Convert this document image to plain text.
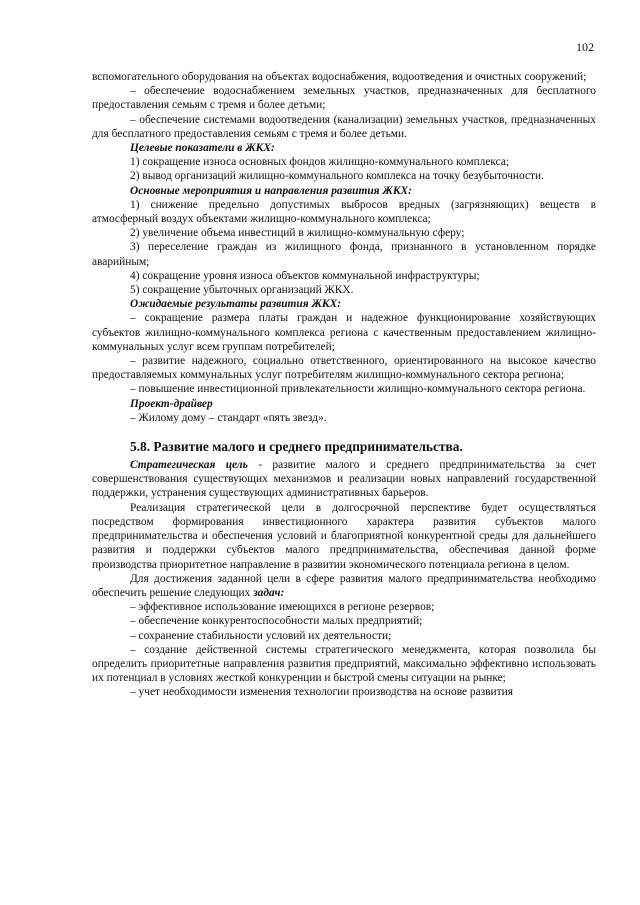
102

вспомогательного оборудования на объектах водоснабжения, водоотведения и очистных сооружений;

– обеспечение водоснабжением земельных участков, предназначенных для бесплатного предоставления семьям с тремя и более детьми;

– обеспечение системами водоотведения (канализации) земельных участков, предназначенных для бесплатного предоставления семьям с тремя и более детьми.

Целевые показатели в ЖКХ:

1) сокращение износа основных фондов жилищно-коммунального комплекса;

2) вывод организаций жилищно-коммунального комплекса на точку безубыточности.

Основные мероприятия и направления развития ЖКХ:

1) снижение предельно допустимых выбросов вредных (загрязняющих) веществ в атмосферный воздух объектами жилищно-коммунального комплекса;

2) увеличение объема инвестиций в жилищно-коммунальную сферу;

3) переселение граждан из жилищного фонда, признанного в установленном порядке аварийным;

4) сокращение уровня износа объектов коммунальной инфраструктуры;

5) сокращение убыточных организаций ЖКХ.

Ожидаемые результаты развития ЖКХ:

– сокращение размера платы граждан и надежное функционирование хозяйствующих субъектов жилищно-коммунального комплекса региона с качественным предоставлением жилищно-коммунальных услуг всем группам потребителей;

– развитие надежного, социально ответственного, ориентированного на высокое качество предоставляемых коммунальных услуг потребителям жилищно-коммунального сектора региона;

– повышение инвестиционной привлекательности жилищно-коммунального сектора региона.

Проект-драйвер

– Жилому дому – стандарт «пять звезд».

5.8. Развитие малого и среднего предпринимательства.

Стратегическая цель - развитие малого и среднего предпринимательства за счет совершенствования существующих механизмов и реализации новых направлений государственной поддержки, устранения существующих административных барьеров.

Реализация стратегической цели в долгосрочной перспективе будет осуществляться посредством формирования инвестиционного характера развития субъектов малого предпринимательства и обеспечения условий и благоприятной конкурентной среды для дальнейшего развития и поддержки субъектов малого предпринимательства, обеспечивая данной форме производства приоритетное направление в развитии экономического потенциала региона в целом.

Для достижения заданной цели в сфере развития малого предпринимательства необходимо обеспечить решение следующих задач:

– эффективное использование имеющихся в регионе резервов;

– обеспечение конкурентоспособности малых предприятий;

– сохранение стабильности условий их деятельности;

– создание действенной системы стратегического менеджмента, которая позволила бы определить приоритетные направления развития предприятий, максимально эффективно использовать их потенциал в условиях жесткой конкуренции и быстрой смены ситуации на рынке;

– учет необходимости изменения технологии производства на основе развития
